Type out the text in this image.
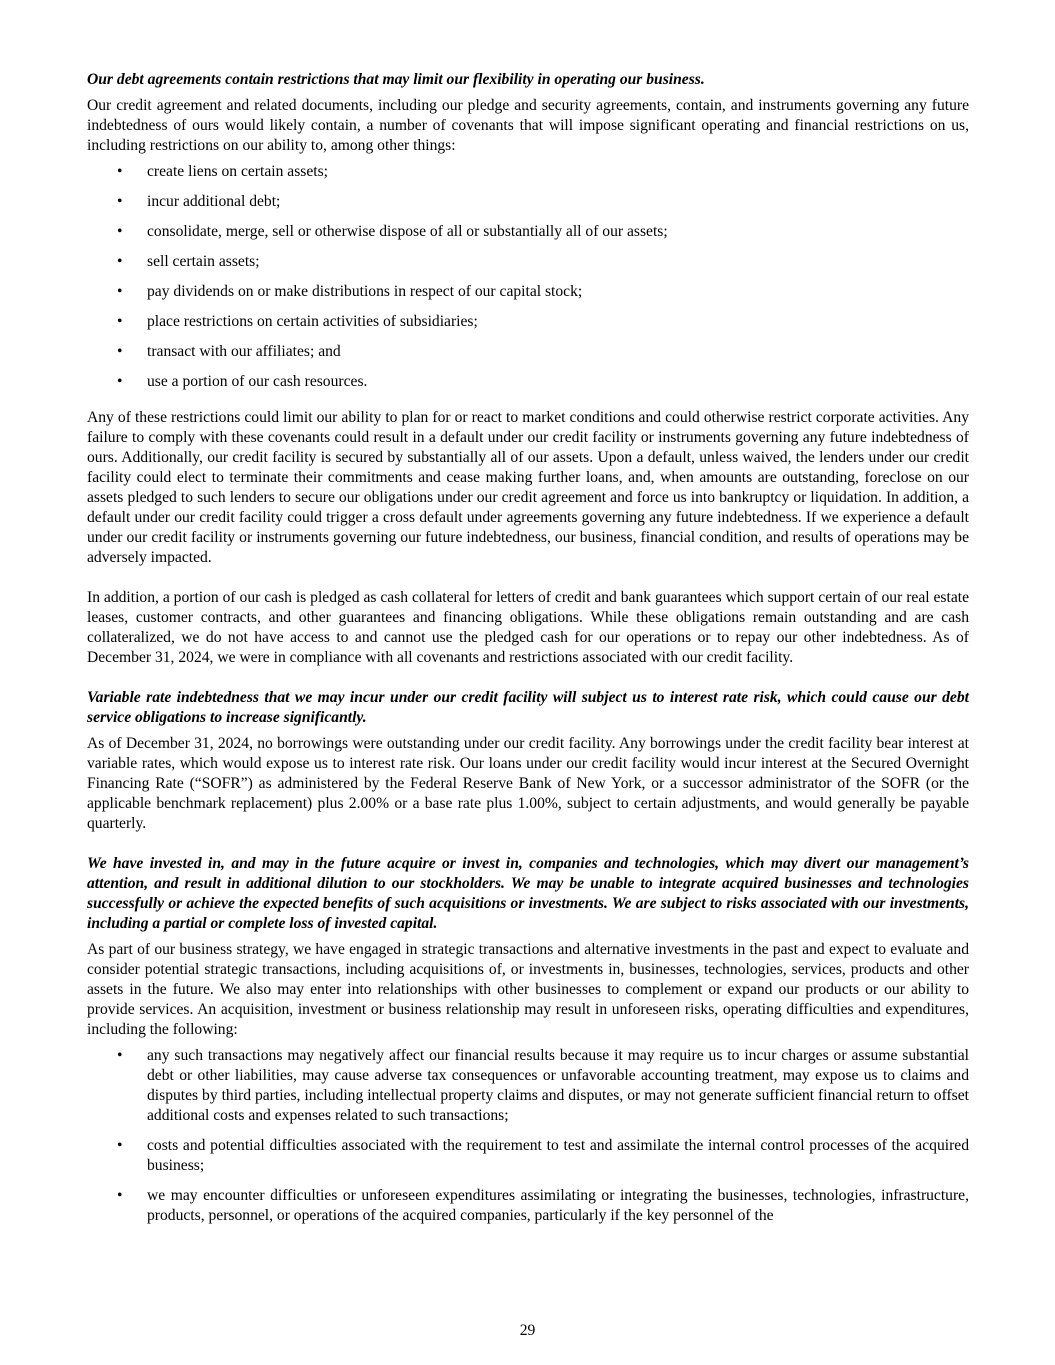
Our debt agreements contain restrictions that may limit our flexibility in operating our business.

Our credit agreement and related documents, including our pledge and security agreements, contain, and instruments governing any future indebtedness of ours would likely contain, a number of covenants that will impose significant operating and financial restrictions on us, including restrictions on our ability to, among other things:

• create liens on certain assets;
• incur additional debt;
• consolidate, merge, sell or otherwise dispose of all or substantially all of our assets;
• sell certain assets;
• pay dividends on or make distributions in respect of our capital stock;
• place restrictions on certain activities of subsidiaries;
• transact with our affiliates; and
• use a portion of our cash resources.

Any of these restrictions could limit our ability to plan for or react to market conditions and could otherwise restrict corporate activities. Any failure to comply with these covenants could result in a default under our credit facility or instruments governing any future indebtedness of ours. Additionally, our credit facility is secured by substantially all of our assets. Upon a default, unless waived, the lenders under our credit facility could elect to terminate their commitments and cease making further loans, and, when amounts are outstanding, foreclose on our assets pledged to such lenders to secure our obligations under our credit agreement and force us into bankruptcy or liquidation. In addition, a default under our credit facility could trigger a cross default under agreements governing any future indebtedness. If we experience a default under our credit facility or instruments governing our future indebtedness, our business, financial condition, and results of operations may be adversely impacted.

In addition, a portion of our cash is pledged as cash collateral for letters of credit and bank guarantees which support certain of our real estate leases, customer contracts, and other guarantees and financing obligations. While these obligations remain outstanding and are cash collateralized, we do not have access to and cannot use the pledged cash for our operations or to repay our other indebtedness. As of December 31, 2024, we were in compliance with all covenants and restrictions associated with our credit facility.

Variable rate indebtedness that we may incur under our credit facility will subject us to interest rate risk, which could cause our debt service obligations to increase significantly.

As of December 31, 2024, no borrowings were outstanding under our credit facility. Any borrowings under the credit facility bear interest at variable rates, which would expose us to interest rate risk. Our loans under our credit facility would incur interest at the Secured Overnight Financing Rate (“SOFR”) as administered by the Federal Reserve Bank of New York, or a successor administrator of the SOFR (or the applicable benchmark replacement) plus 2.00% or a base rate plus 1.00%, subject to certain adjustments, and would generally be payable quarterly.

We have invested in, and may in the future acquire or invest in, companies and technologies, which may divert our management’s attention, and result in additional dilution to our stockholders. We may be unable to integrate acquired businesses and technologies successfully or achieve the expected benefits of such acquisitions or investments. We are subject to risks associated with our investments, including a partial or complete loss of invested capital.

As part of our business strategy, we have engaged in strategic transactions and alternative investments in the past and expect to evaluate and consider potential strategic transactions, including acquisitions of, or investments in, businesses, technologies, services, products and other assets in the future. We also may enter into relationships with other businesses to complement or expand our products or our ability to provide services. An acquisition, investment or business relationship may result in unforeseen risks, operating difficulties and expenditures, including the following:

• any such transactions may negatively affect our financial results because it may require us to incur charges or assume substantial debt or other liabilities, may cause adverse tax consequences or unfavorable accounting treatment, may expose us to claims and disputes by third parties, including intellectual property claims and disputes, or may not generate sufficient financial return to offset additional costs and expenses related to such transactions;
• costs and potential difficulties associated with the requirement to test and assimilate the internal control processes of the acquired business;
• we may encounter difficulties or unforeseen expenditures assimilating or integrating the businesses, technologies, infrastructure, products, personnel, or operations of the acquired companies, particularly if the key personnel of the
29
